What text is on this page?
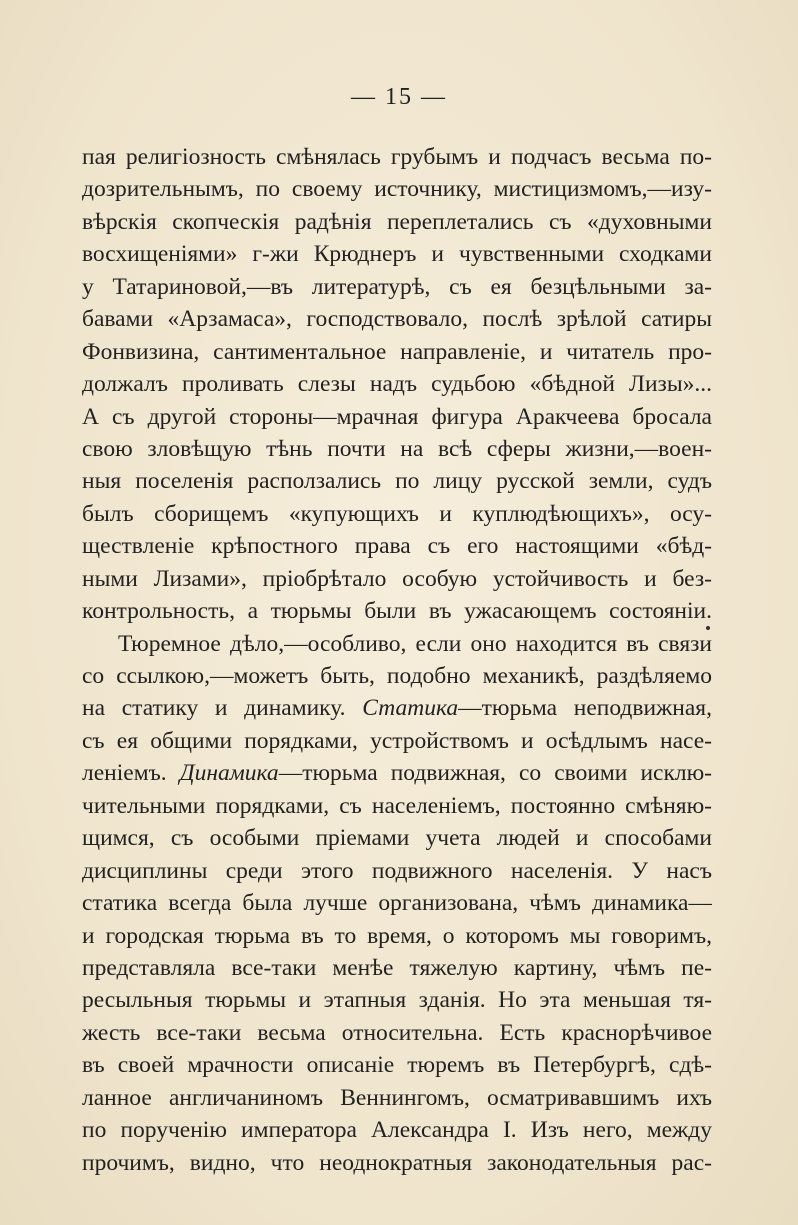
— 15 —
пая религіозность смѣнялась грубымъ и подчасъ весьма по-
дозрительнымъ, по своему источнику, мистицизмомъ,—изу-
вѣрскія скопческія радѣнія переплетались съ «духовными
восхищеніями» г-жи Крюднеръ и чувственными сходками
у Татариновой,—въ литературѣ, съ ея безцѣльными за-
бавами «Арзамаса», господствовало, послѣ зрѣлой сатиры
Фонвизина, сантиментальное направленіе, и читатель про-
должалъ проливать слезы надъ судьбою «бѣдной Лизы»...
А съ другой стороны—мрачная фигура Аракчеева бросала
свою зловѣщую тѣнь почти на всѣ сферы жизни,—воен-
ныя поселенія расползались по лицу русской земли, судъ
былъ сборищемъ «купующихъ и куплюдѣющихъ», осу-
ществленіе крѣпостного права съ его настоящими «бѣд-
ными Лизами», пріобрѣтало особую устойчивость и без-
контрольность, а тюрьмы были въ ужасающемъ состояніи.
Тюремное дѣло,—особливо, если оно находится въ связи
со ссылкою,—можетъ быть, подобно механикѣ, раздѣляемо
на статику и динамику. Статика—тюрьма неподвижная,
съ ея общими порядками, устройствомъ и осѣдлымъ насе-
леніемъ. Динамика—тюрьма подвижная, со своими исклю-
чительными порядками, съ населеніемъ, постоянно смѣняю-
щимся, съ особыми пріемами учета людей и способами
дисциплины среди этого подвижного населенія. У насъ
статика всегда была лучше организована, чѣмъ динамика—
и городская тюрьма въ то время, о которомъ мы говоримъ,
представляла все-таки менѣе тяжелую картину, чѣмъ пе-
ресыльныя тюрьмы и этапныя зданія. Но эта меньшая тя-
жесть все-таки весьма относительна. Есть краснорѣчивое
въ своей мрачности описаніе тюремъ въ Петербургѣ, сдѣ-
ланное англичаниномъ Веннингомъ, осматривавшимъ ихъ
по порученію императора Александра I. Изъ него, между
прочимъ, видно, что неоднократныя законодательныя рас-
